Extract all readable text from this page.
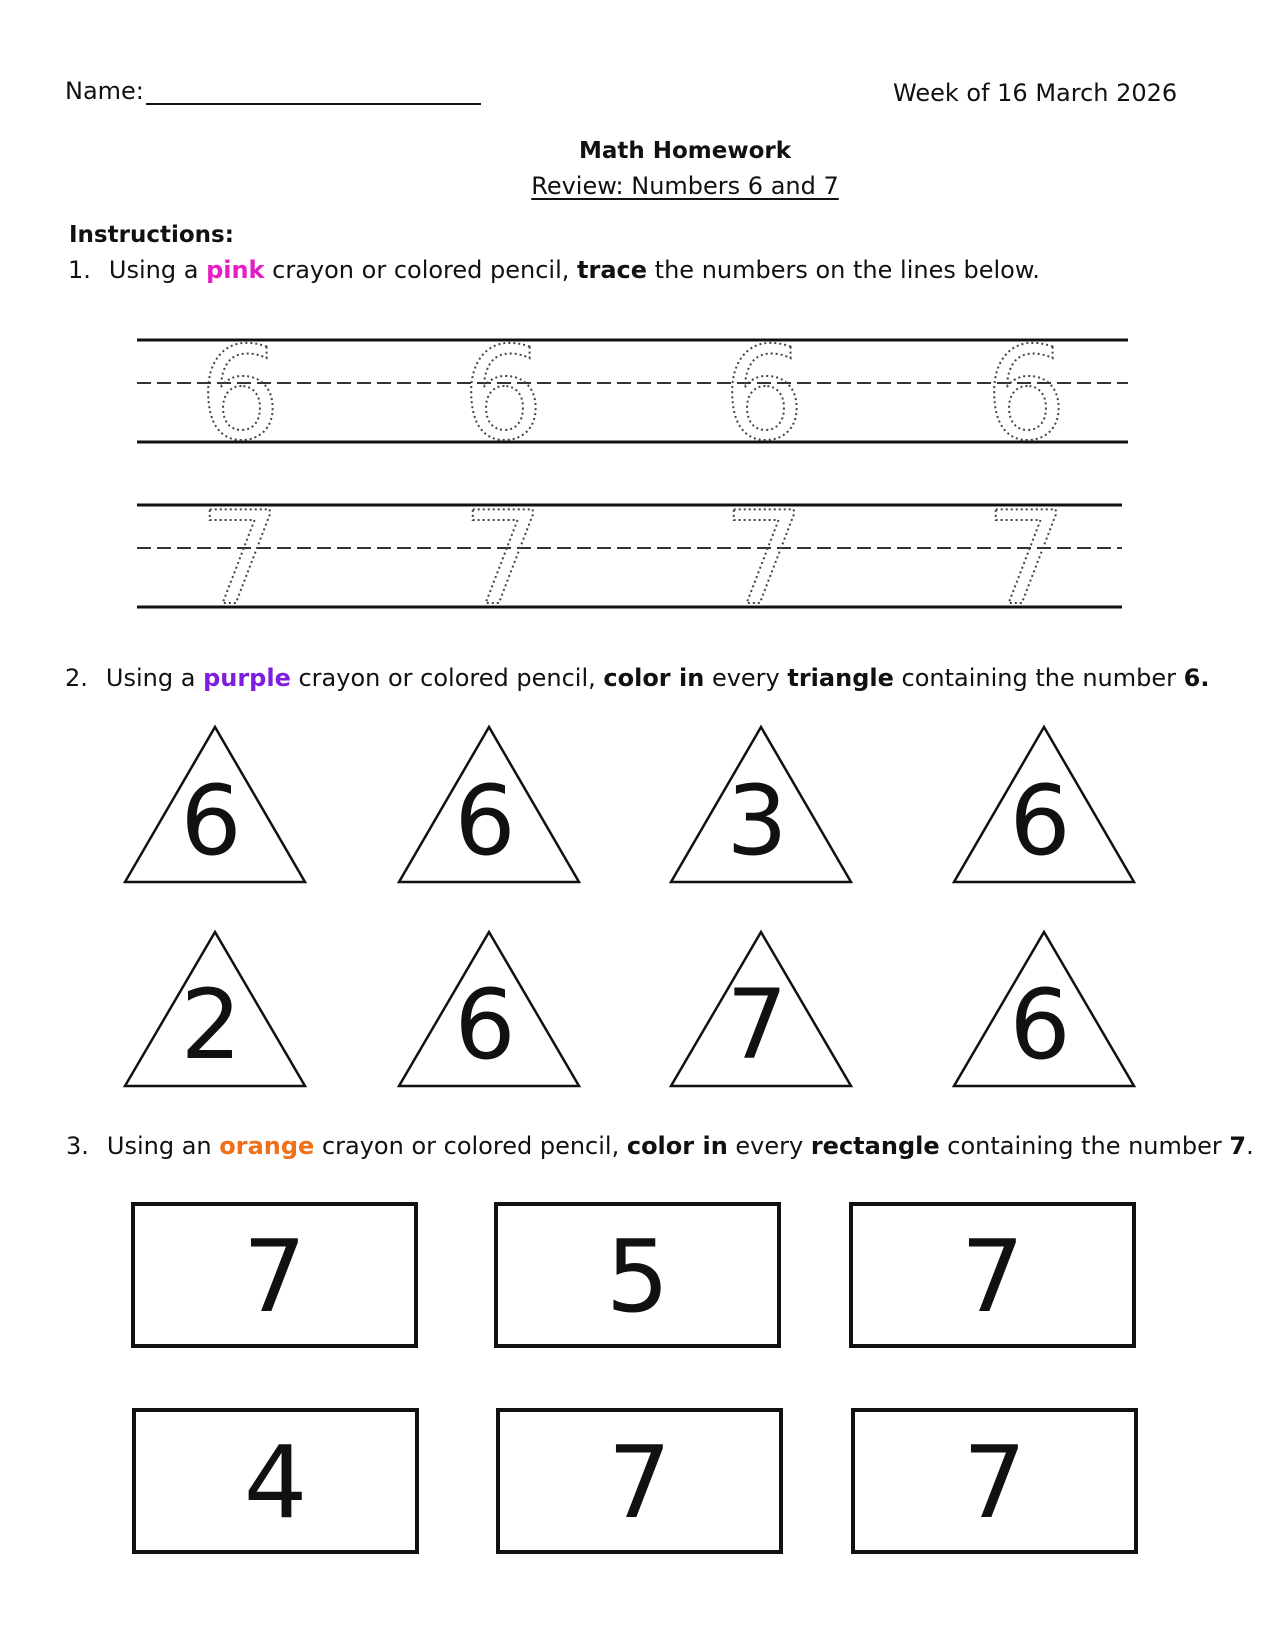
Name:	Week of 16 March 2026
Math Homework
Review: Numbers 6 and 7
Instructions:
1. Using a pink crayon or colored pencil, trace the numbers on the lines below.
2. Using a purple crayon or colored pencil, color in every triangle containing the number 6.
3. Using an orange crayon or colored pencil, color in every rectangle containing the number 7.
6 6 6 6
7 7 7 7
6 6 3 6
2 6 7 6
7	5	7
4	7	7
